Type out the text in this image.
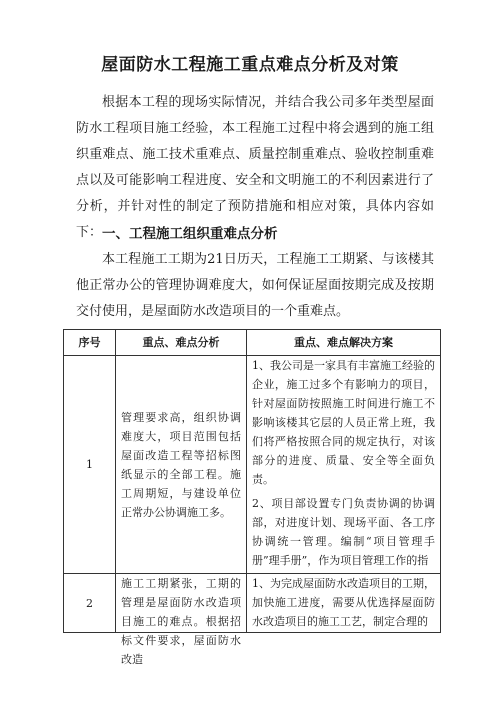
屋面防水工程施工重点难点分析及对策
根据本工程的现场实际情况，并结合我公司多年类型屋面防水工程项目施工经验，本工程施工过程中将会遇到的施工组织重难点、施工技术重难点、质量控制重难点、验收控制重难点以及可能影响工程进度、安全和文明施工的不利因素进行了分析，并针对性的制定了预防措施和相应对策，具体内容如下： 一、工程施工组织重难点分析
本工程施工工期为21日历天，工程施工工期紧、与该楼其他正常办公的管理协调难度大，如何保证屋面按期完成及按期交付使用，是屋面防水改造项目的一个重难点。
序号	重点、难点分析	重点、难点解决方案
1	管理要求高，组织协调难度大，项目范围包括屋面改造工程等招标图纸显示的全部工程。施工周期短，与建设单位正常办公协调施工多。	1、我公司是一家具有丰富施工经验的企业，施工过多个有影响力的项目，针对屋面防按照施工时间进行施工不影响该楼其它层的人员正常上班，我们将严格按照合同的规定执行，对该部分的进度、质量、安全等全面负责。
2、项目部设置专门负责协调的协调部，对进度计划、现场平面、各工序协调统一管理。编制“项目管理手册”理手册”，作为项目管理工作的指

2	施工工期紧张，工期的管理是屋面防水改造项目施工的难点。根据招标文件要求，屋面防水改造	1、为完成屋面防水改造项目的工期，加快施工进度，需要从优选择屋面防水改造项目的施工工艺，制定合理的
